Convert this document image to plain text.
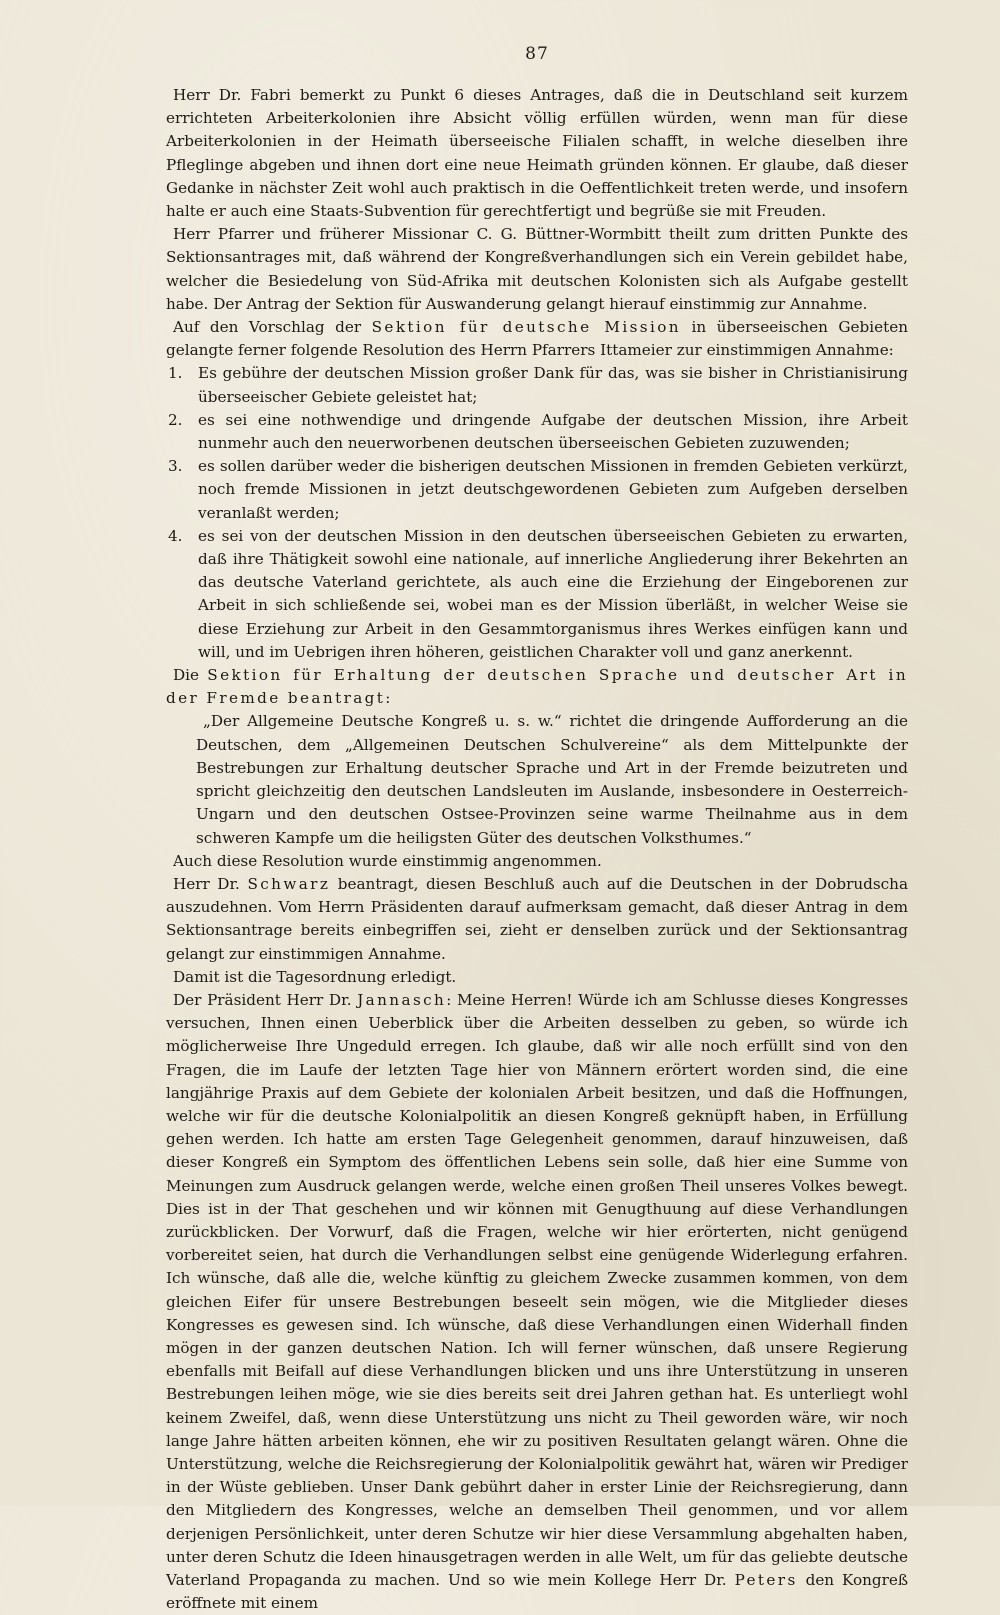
87

Herr Dr. Fabri bemerkt zu Punkt 6 dieses Antrages, daß die in Deutschland seit kurzem errichteten Arbeiterkolonien ihre Absicht völlig erfüllen würden, wenn man für diese Arbeiterkolonien in der Heimath überseeische Filialen schafft, in welche dieselben ihre Pfleglinge abgeben und ihnen dort eine neue Heimath gründen können. Er glaube, daß dieser Gedanke in nächster Zeit wohl auch praktisch in die Oeffentlichkeit treten werde, und insofern halte er auch eine Staats-Subvention für gerechtfertigt und begrüße sie mit Freuden.

Herr Pfarrer und früherer Missionar C. G. Büttner-Wormbitt theilt zum dritten Punkte des Sektionsantrages mit, daß während der Kongreßverhandlungen sich ein Verein gebildet habe, welcher die Besiedelung von Süd-Afrika mit deutschen Kolonisten sich als Aufgabe gestellt habe. Der Antrag der Sektion für Auswanderung gelangt hierauf einstimmig zur Annahme.

Auf den Vorschlag der Sektion für deutsche Mission in überseeischen Gebieten gelangte ferner folgende Resolution des Herrn Pfarrers Ittameier zur einstimmigen Annahme:

1. Es gebühre der deutschen Mission großer Dank für das, was sie bisher in Christianisirung überseeischer Gebiete geleistet hat;
2. es sei eine nothwendige und dringende Aufgabe der deutschen Mission, ihre Arbeit nunmehr auch den neuerworbenen deutschen überseeischen Gebieten zuzuwenden;
3. es sollen darüber weder die bisherigen deutschen Missionen in fremden Gebieten verkürzt, noch fremde Missionen in jetzt deutschgewordenen Gebieten zum Aufgeben derselben veranlaßt werden;
4. es sei von der deutschen Mission in den deutschen überseeischen Gebieten zu erwarten, daß ihre Thätigkeit sowohl eine nationale, auf innerliche Angliederung ihrer Bekehrten an das deutsche Vaterland gerichtete, als auch eine die Erziehung der Eingeborenen zur Arbeit in sich schließende sei, wobei man es der Mission überläßt, in welcher Weise sie diese Erziehung zur Arbeit in den Gesammtorganismus ihres Werkes einfügen kann und will, und im Uebrigen ihren höheren, geistlichen Charakter voll und ganz anerkennt.

Die Sektion für Erhaltung der deutschen Sprache und deutscher Art in der Fremde beantragt:

„Der Allgemeine Deutsche Kongreß u. s. w.“ richtet die dringende Aufforderung an die Deutschen, dem „Allgemeinen Deutschen Schulvereine“ als dem Mittelpunkte der Bestrebungen zur Erhaltung deutscher Sprache und Art in der Fremde beizutreten und spricht gleichzeitig den deutschen Landsleuten im Auslande, insbesondere in Oesterreich-Ungarn und den deutschen Ostsee-Provinzen seine warme Theilnahme aus in dem schweren Kampfe um die heiligsten Güter des deutschen Volksthumes.“

Auch diese Resolution wurde einstimmig angenommen.

Herr Dr. Schwarz beantragt, diesen Beschluß auch auf die Deutschen in der Dobrudscha auszudehnen. Vom Herrn Präsidenten darauf aufmerksam gemacht, daß dieser Antrag in dem Sektionsantrage bereits einbegriffen sei, zieht er denselben zurück und der Sektionsantrag gelangt zur einstimmigen Annahme.

Damit ist die Tagesordnung erledigt.

Der Präsident Herr Dr. Jannasch: Meine Herren! Würde ich am Schlusse dieses Kongresses versuchen, Ihnen einen Ueberblick über die Arbeiten desselben zu geben, so würde ich möglicherweise Ihre Ungeduld erregen. Ich glaube, daß wir alle noch erfüllt sind von den Fragen, die im Laufe der letzten Tage hier von Männern erörtert worden sind, die eine langjährige Praxis auf dem Gebiete der kolonialen Arbeit besitzen, und daß die Hoffnungen, welche wir für die deutsche Kolonialpolitik an diesen Kongreß geknüpft haben, in Erfüllung gehen werden. Ich hatte am ersten Tage Gelegenheit genommen, darauf hinzuweisen, daß dieser Kongreß ein Symptom des öffentlichen Lebens sein solle, daß hier eine Summe von Meinungen zum Ausdruck gelangen werde, welche einen großen Theil unseres Volkes bewegt. Dies ist in der That geschehen und wir können mit Genugthuung auf diese Verhandlungen zurückblicken. Der Vorwurf, daß die Fragen, welche wir hier erörterten, nicht genügend vorbereitet seien, hat durch die Verhandlungen selbst eine genügende Widerlegung erfahren. Ich wünsche, daß alle die, welche künftig zu gleichem Zwecke zusammen kommen, von dem gleichen Eifer für unsere Bestrebungen beseelt sein mögen, wie die Mitglieder dieses Kongresses es gewesen sind. Ich wünsche, daß diese Verhandlungen einen Widerhall finden mögen in der ganzen deutschen Nation. Ich will ferner wünschen, daß unsere Regierung ebenfalls mit Beifall auf diese Verhandlungen blicken und uns ihre Unterstützung in unseren Bestrebungen leihen möge, wie sie dies bereits seit drei Jahren gethan hat. Es unterliegt wohl keinem Zweifel, daß, wenn diese Unterstützung uns nicht zu Theil geworden wäre, wir noch lange Jahre hätten arbeiten können, ehe wir zu positiven Resultaten gelangt wären. Ohne die Unterstützung, welche die Reichsregierung der Kolonialpolitik gewährt hat, wären wir Prediger in der Wüste geblieben. Unser Dank gebührt daher in erster Linie der Reichsregierung, dann den Mitgliedern des Kongresses, welche an demselben Theil genommen, und vor allem derjenigen Persönlichkeit, unter deren Schutze wir hier diese Versammlung abgehalten haben, unter deren Schutz die Ideen hinausgetragen werden in alle Welt, um für das geliebte deutsche Vaterland Propaganda zu machen. Und so wie mein Kollege Herr Dr. Peters den Kongreß eröffnete mit einem
